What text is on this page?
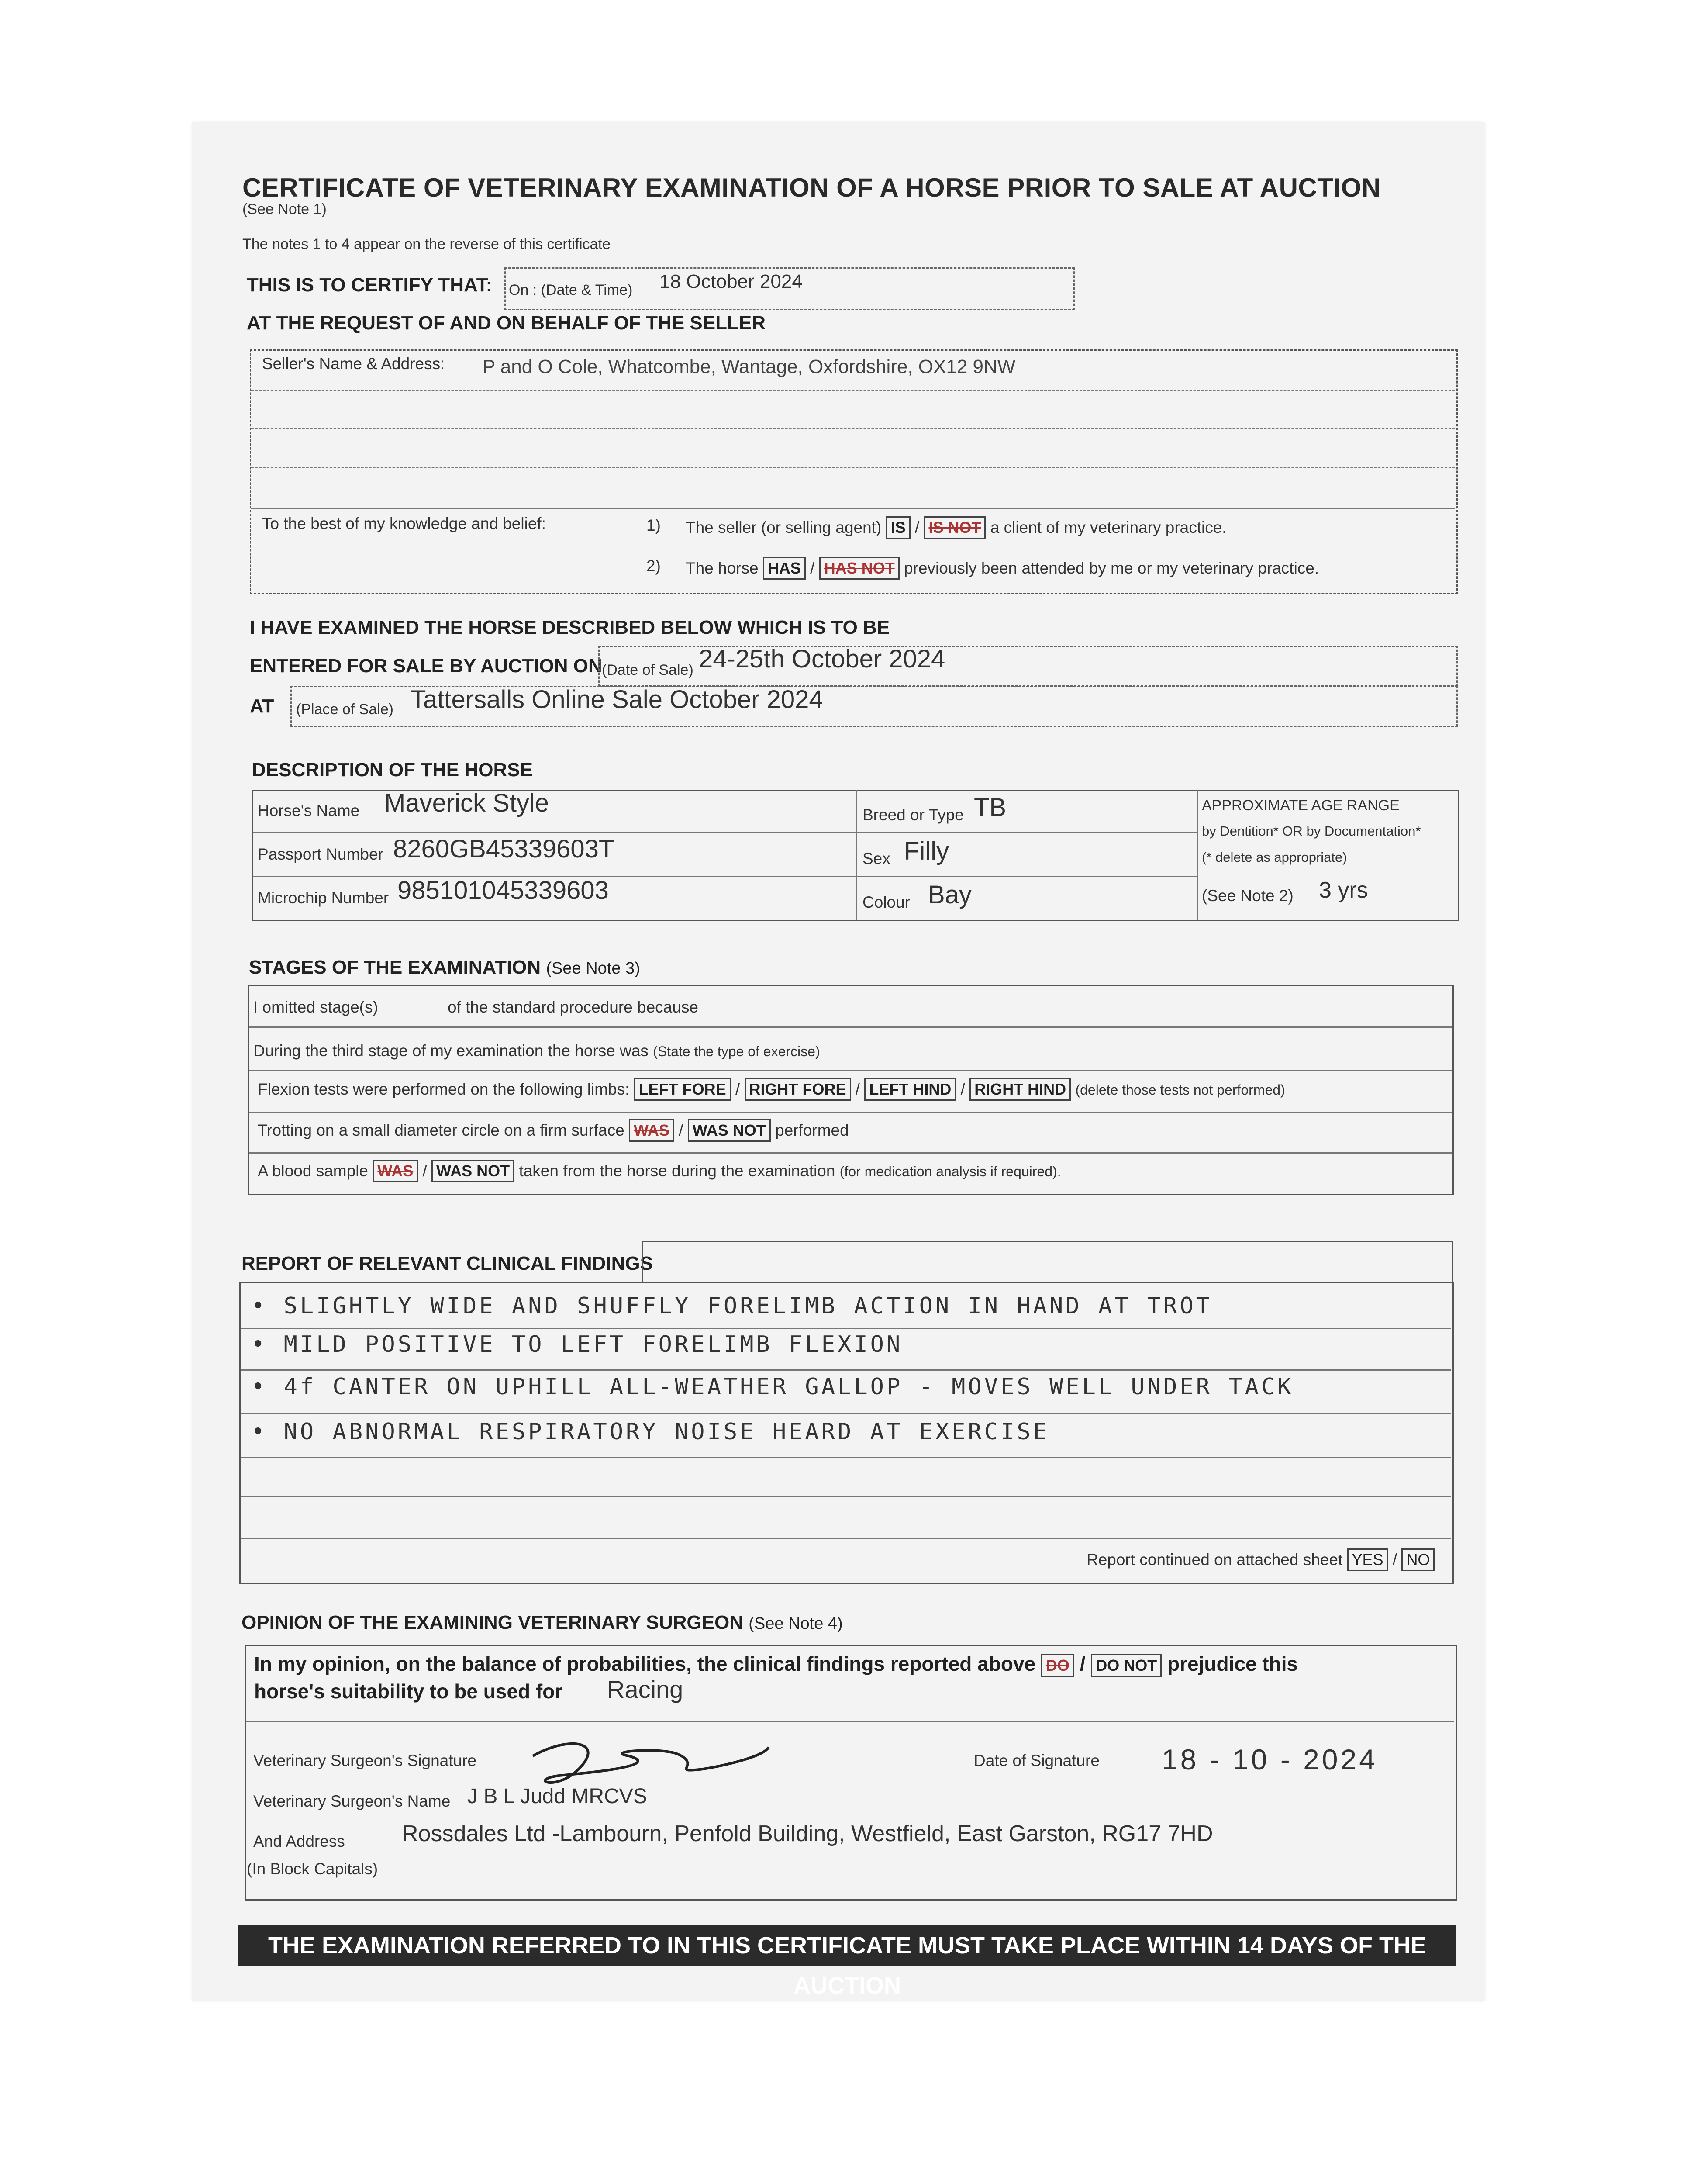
CERTIFICATE OF VETERINARY EXAMINATION OF A HORSE PRIOR TO SALE AT AUCTION
(See Note 1)
The notes 1 to 4 appear on the reverse of this certificate
THIS IS TO CERTIFY THAT: On : (Date & Time) 18 October 2024
AT THE REQUEST OF AND ON BEHALF OF THE SELLER
Seller's Name & Address: P and O Cole, Whatcombe, Wantage, Oxfordshire, OX12 9NW
To the best of my knowledge and belief:	1) The seller (or selling agent) IS / IS NOT a client of my veterinary practice.
2) The horse HAS / HAS NOT previously been attended by me or my veterinary practice.
I HAVE EXAMINED THE HORSE DESCRIBED BELOW WHICH IS TO BE
ENTERED FOR SALE BY AUCTION ON (Date of Sale) 24-25th October 2024
AT (Place of Sale) Tattersalls Online Sale October 2024
DESCRIPTION OF THE HORSE
Horse's Name Maverick Style
Passport Number 8260GB45339603T
Microchip Number 985101045339603
Breed or Type TB
Sex Filly
Colour Bay
APPROXIMATE AGE RANGE
by Dentition* OR by Documentation*
(* delete as appropriate)
(See Note 2) 3 yrs
STAGES OF THE EXAMINATION (See Note 3)
I omitted stage(s)	of the standard procedure because
During the third stage of my examination the horse was (State the type of exercise)
Flexion tests were performed on the following limbs: LEFT FORE / RIGHT FORE / LEFT HIND / RIGHT HIND (delete those tests not performed)
Trotting on a small diameter circle on a firm surface WAS / WAS NOT performed
A blood sample WAS / WAS NOT taken from the horse during the examination (for medication analysis if required).
REPORT OF RELEVANT CLINICAL FINDINGS
• SLIGHTLY WIDE AND SHUFFLY FORELIMB ACTION IN HAND AT TROT
• MILD POSITIVE TO LEFT FORELIMB FLEXION
• 4f CANTER ON UPHILL ALL-WEATHER GALLOP - MOVES WELL UNDER TACK
• NO ABNORMAL RESPIRATORY NOISE HEARD AT EXERCISE
Report continued on attached sheet YES / NO
OPINION OF THE EXAMINING VETERINARY SURGEON (See Note 4)
In my opinion, on the balance of probabilities, the clinical findings reported above DO / DO NOT prejudice this
horse's suitability to be used for Racing
Veterinary Surgeon's Signature	Date of Signature 18 - 10 - 2024
Veterinary Surgeon's Name J B L Judd MRCVS
And Address
(In Block Capitals)
Rossdales Ltd -Lambourn, Penfold Building, Westfield, East Garston, RG17 7HD
THE EXAMINATION REFERRED TO IN THIS CERTIFICATE MUST TAKE PLACE WITHIN 14 DAYS OF THE AUCTION
